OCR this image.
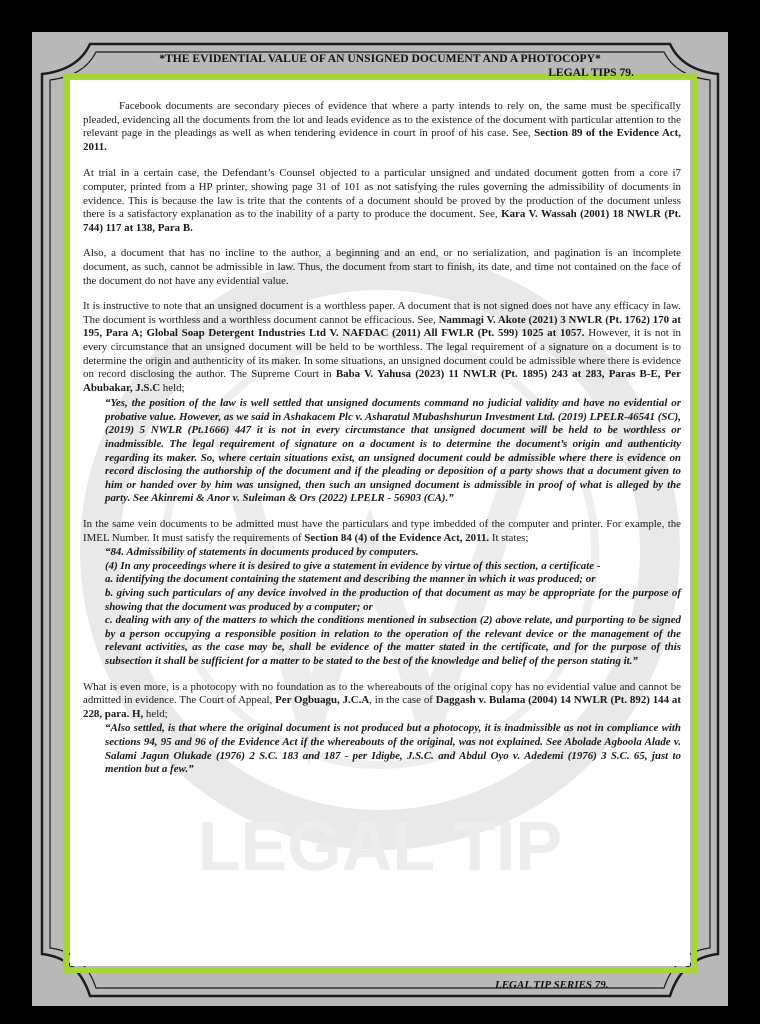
LEGAL TIP
*THE EVIDENTIAL VALUE OF AN UNSIGNED DOCUMENT AND A PHOTOCOPY*
LEGAL TIPS 79.

Facebook documents are secondary pieces of evidence that where a party intends to rely on, the same must be specifically pleaded, evidencing all the documents from the lot and leads evidence as to the existence of the document with particular attention to the relevant page in the pleadings as well as when tendering evidence in court in proof of his case. See, Section 89 of the Evidence Act, 2011.

At trial in a certain case, the Defendant’s Counsel objected to a particular unsigned and undated document gotten from a core i7 computer, printed from a HP printer, showing page 31 of 101 as not satisfying the rules governing the admissibility of documents in evidence. This is because the law is trite that the contents of a document should be proved by the production of the document unless there is a satisfactory explanation as to the inability of a party to produce the document. See, Kara V. Wassah (2001) 18 NWLR (Pt. 744) 117 at 138, Para B.

Also, a document that has no incline to the author, a beginning and an end, or no serialization, and pagination is an incomplete document, as such, cannot be admissible in law. Thus, the document from start to finish, its date, and time not contained on the face of the document do not have any evidential value.

It is instructive to note that an unsigned document is a worthless paper. A document that is not signed does not have any efficacy in law. The document is worthless and a worthless document cannot be efficacious. See, Nammagi V. Akote (2021) 3 NWLR (Pt. 1762) 170 at 195, Para A; Global Soap Detergent Industries Ltd V. NAFDAC (2011) All FWLR (Pt. 599) 1025 at 1057. However, it is not in every circumstance that an unsigned document will be held to be worthless. The legal requirement of a signature on a document is to determine the origin and authenticity of its maker. In some situations, an unsigned document could be admissible where there is evidence on record disclosing the author. The Supreme Court in Baba V. Yahusa (2023) 11 NWLR (Pt. 1895) 243 at 283, Paras B-E, Per Abubakar, J.S.C held;

“Yes, the position of the law is well settled that unsigned documents command no judicial validity and have no evidential or probative value. However, as we said in Ashakacem Plc v. Asharatul Mubashshurun Investment Ltd. (2019) LPELR-46541 (SC), (2019) 5 NWLR (Pt.1666) 447 it is not in every circumstance that unsigned document will be held to be worthless or inadmissible. The legal requirement of signature on a document is to determine the document’s origin and authenticity regarding its maker. So, where certain situations exist, an unsigned document could be admissible where there is evidence on record disclosing the authorship of the document and if the pleading or deposition of a party shows that a document given to him or handed over by him was unsigned, then such an unsigned document is admissible in proof of what is alleged by the party. See Akinremi & Anor v. Suleiman & Ors (2022) LPELR - 56903 (CA).”

In the same vein documents to be admitted must have the particulars and type imbedded of the computer and printer. For example, the IMEL Number. It must satisfy the requirements of Section 84 (4) of the Evidence Act, 2011. It states;

“84. Admissibility of statements in documents produced by computers.
(4) In any proceedings where it is desired to give a statement in evidence by virtue of this section, a certificate -
a. identifying the document containing the statement and describing the manner in which it was produced; or
b. giving such particulars of any device involved in the production of that document as may be appropriate for the purpose of showing that the document was produced by a computer; or
c. dealing with any of the matters to which the conditions mentioned in subsection (2) above relate, and purporting to be signed by a person occupying a responsible position in relation to the operation of the relevant device or the management of the relevant activities, as the case may be, shall be evidence of the matter stated in the certificate, and for the purpose of this subsection it shall be sufficient for a matter to be stated to the best of the knowledge and belief of the person stating it.”

What is even more, is a photocopy with no foundation as to the whereabouts of the original copy has no evidential value and cannot be admitted in evidence. The Court of Appeal, Per Ogbuagu, J.C.A, in the case of Daggash v. Bulama (2004) 14 NWLR (Pt. 892) 144 at 228, para. H, held;

“Also settled, is that where the original document is not produced but a photocopy, it is inadmissible as not in compliance with sections 94, 95 and 96 of the Evidence Act if the whereabouts of the original, was not explained. See Abolade Agboola Alade v. Salami Jagun Olukade (1976) 2 S.C. 183 and 187 - per Idigbe, J.S.C. and Abdul Oyo v. Adedemi (1976) 3 S.C. 65, just to mention but a few.”
LEGAL TIP SERIES 79.
